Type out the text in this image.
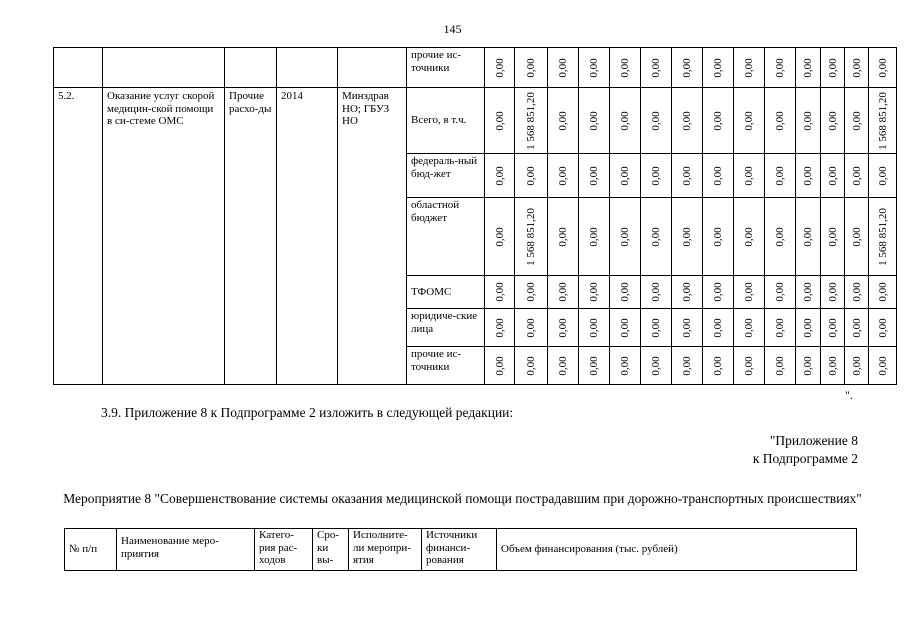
145
					прочие ис-точники	0,00	0,00	0,00	0,00	0,00	0,00	0,00	0,00	0,00	0,00	0,00	0,00	0,00	0,00

5.2.	Оказание услуг скорой медицин-ской помощи в си-стеме ОМС	Прочие расхо-ды	2014	Минздрав НО; ГБУЗ НО	Всего, в т.ч.	0,00	1 568 851,20	0,00	0,00	0,00	0,00	0,00	0,00	0,00	0,00	0,00	0,00	0,00	1 568 851,20

					федераль-ный бюд-жет	0,00	0,00	0,00	0,00	0,00	0,00	0,00	0,00	0,00	0,00	0,00	0,00	0,00	0,00

					областной бюджет	0,00	1 568 851,20	0,00	0,00	0,00	0,00	0,00	0,00	0,00	0,00	0,00	0,00	0,00	1 568 851,20

					ТФОМС	0,00	0,00	0,00	0,00	0,00	0,00	0,00	0,00	0,00	0,00	0,00	0,00	0,00	0,00

					юридиче-ские лица	0,00	0,00	0,00	0,00	0,00	0,00	0,00	0,00	0,00	0,00	0,00	0,00	0,00	0,00

					прочие ис-точники	0,00	0,00	0,00	0,00	0,00	0,00	0,00	0,00	0,00	0,00	0,00	0,00	0,00	0,00
".
3.9. Приложение 8 к Подпрограмме 2 изложить в следующей редакции:
"Приложение 8
к Подпрограмме 2
Мероприятие 8 "Совершенствование системы оказания медицинской помощи пострадавшим при дорожно-транспортных происшествиях"
№ п/п	Наименование меро-приятия	Катего-рия рас-ходов	Сро-ки вы-	Исполните-ли меропри-ятия	Источники финанси-рования	Объем финансирования (тыс. рублей)
